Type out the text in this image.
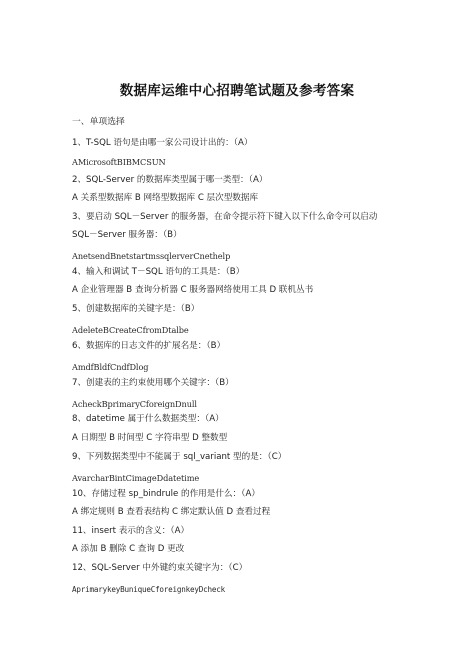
数据库运维中心招聘笔试题及参考答案
一、单项选择
1、T-SQL 语句是由哪一家公司设计出的：（A）
AMicrosoftBIBMCSUN
2、SQL-Server 的数据库类型属于哪一类型：（A）
A 关系型数据库 B 网络型数据库 C 层次型数据库
3、要启动 SQL－Server 的服务器，在命令提示符下键入以下什么命令可以启动
SQL－Server 服务器：（B）
AnetsendBnetstartmssqlerverCnethelp
4、输入和调试 T－SQL 语句的工具是：（B）
A 企业管理器 B 查询分析器 C 服务器网络使用工具 D 联机丛书
5、创建数据库的关键字是：（B）
AdeleteBCreateCfromDtalbe
6、数据库的日志文件的扩展名是：（B）
AmdfBldfCndfDlog
7、创建表的主约束使用哪个关键字：（B）
AcheckBprimaryCforeignDnull
8、datetime 属于什么数据类型：（A）
A 日期型 B 时间型 C 字符串型 D 整数型
9、下列数据类型中不能属于 sql_variant 型的是：（C）
AvarcharBintCimageDdatetime
10、存储过程 sp_bindrule 的作用是什么：（A）
A 绑定规则 B 查看表结构 C 绑定默认值 D 查看过程
11、insert 表示的含义：（A）
A 添加 B 删除 C 查询 D 更改
12、SQL-Server 中外键约束关键字为：（C）
AprimarykeyBuniqueCforeignkeyDcheck
